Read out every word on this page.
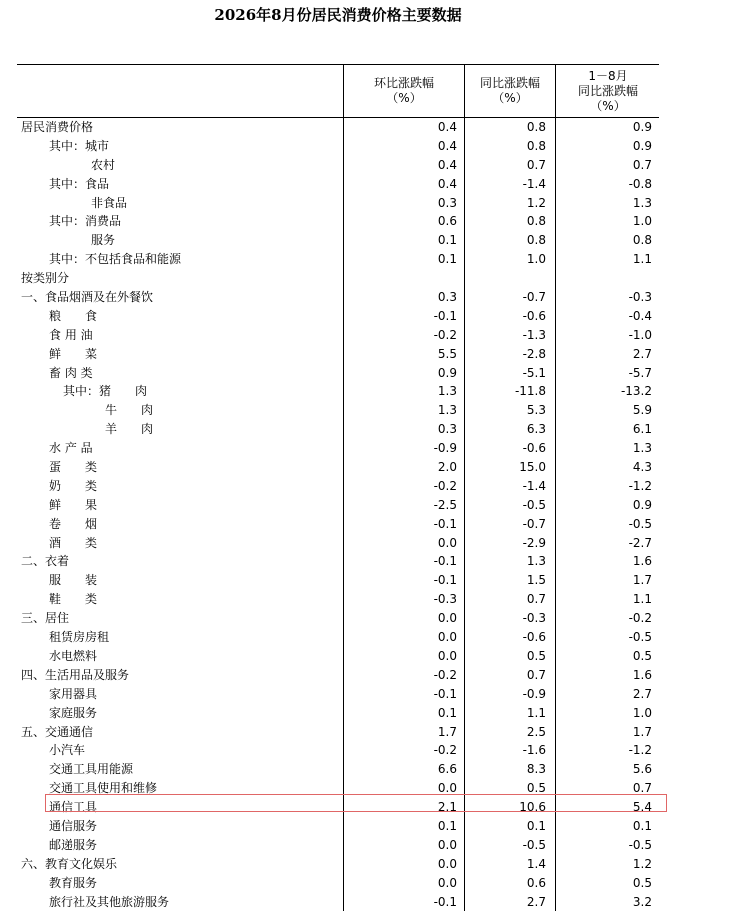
2026年8月份居民消费价格主要数据
环比涨跌幅
（%）
同比涨跌幅
（%）
1－8月
同比涨跌幅
（%）
居民消费价格	0.4	0.8	0.9
其中：城市	0.4	0.8	0.9
农村	0.4	0.7	0.7
其中：食品	0.4	-1.4	-0.8
非食品	0.3	1.2	1.3
其中：消费品	0.6	0.8	1.0
服务	0.1	0.8	0.8
其中：不包括食品和能源	0.1	1.0	1.1
按类别分
一、食品烟酒及在外餐饮	0.3	-0.7	-0.3
粮　　食	-0.1	-0.6	-0.4
食 用 油	-0.2	-1.3	-1.0
鲜　　菜	5.5	-2.8	2.7
畜 肉 类	0.9	-5.1	-5.7
其中：猪　　肉	1.3	-11.8	-13.2
牛　　肉	1.3	5.3	5.9
羊　　肉	0.3	6.3	6.1
水 产 品	-0.9	-0.6	1.3
蛋　　类	2.0	15.0	4.3
奶　　类	-0.2	-1.4	-1.2
鲜　　果	-2.5	-0.5	0.9
卷　　烟	-0.1	-0.7	-0.5
酒　　类	0.0	-2.9	-2.7
二、衣着	-0.1	1.3	1.6
服　　装	-0.1	1.5	1.7
鞋　　类	-0.3	0.7	1.1
三、居住	0.0	-0.3	-0.2
租赁房房租	0.0	-0.6	-0.5
水电燃料	0.0	0.5	0.5
四、生活用品及服务	-0.2	0.7	1.6
家用器具	-0.1	-0.9	2.7
家庭服务	0.1	1.1	1.0
五、交通通信	1.7	2.5	1.7
小汽车	-0.2	-1.6	-1.2
交通工具用能源	6.6	8.3	5.6
交通工具使用和维修	0.0	0.5	0.7
通信工具	2.1	10.6	5.4
通信服务	0.1	0.1	0.1
邮递服务	0.0	-0.5	-0.5
六、教育文化娱乐	0.0	1.4	1.2
教育服务	0.0	0.6	0.5
旅行社及其他旅游服务	-0.1	2.7	3.2
